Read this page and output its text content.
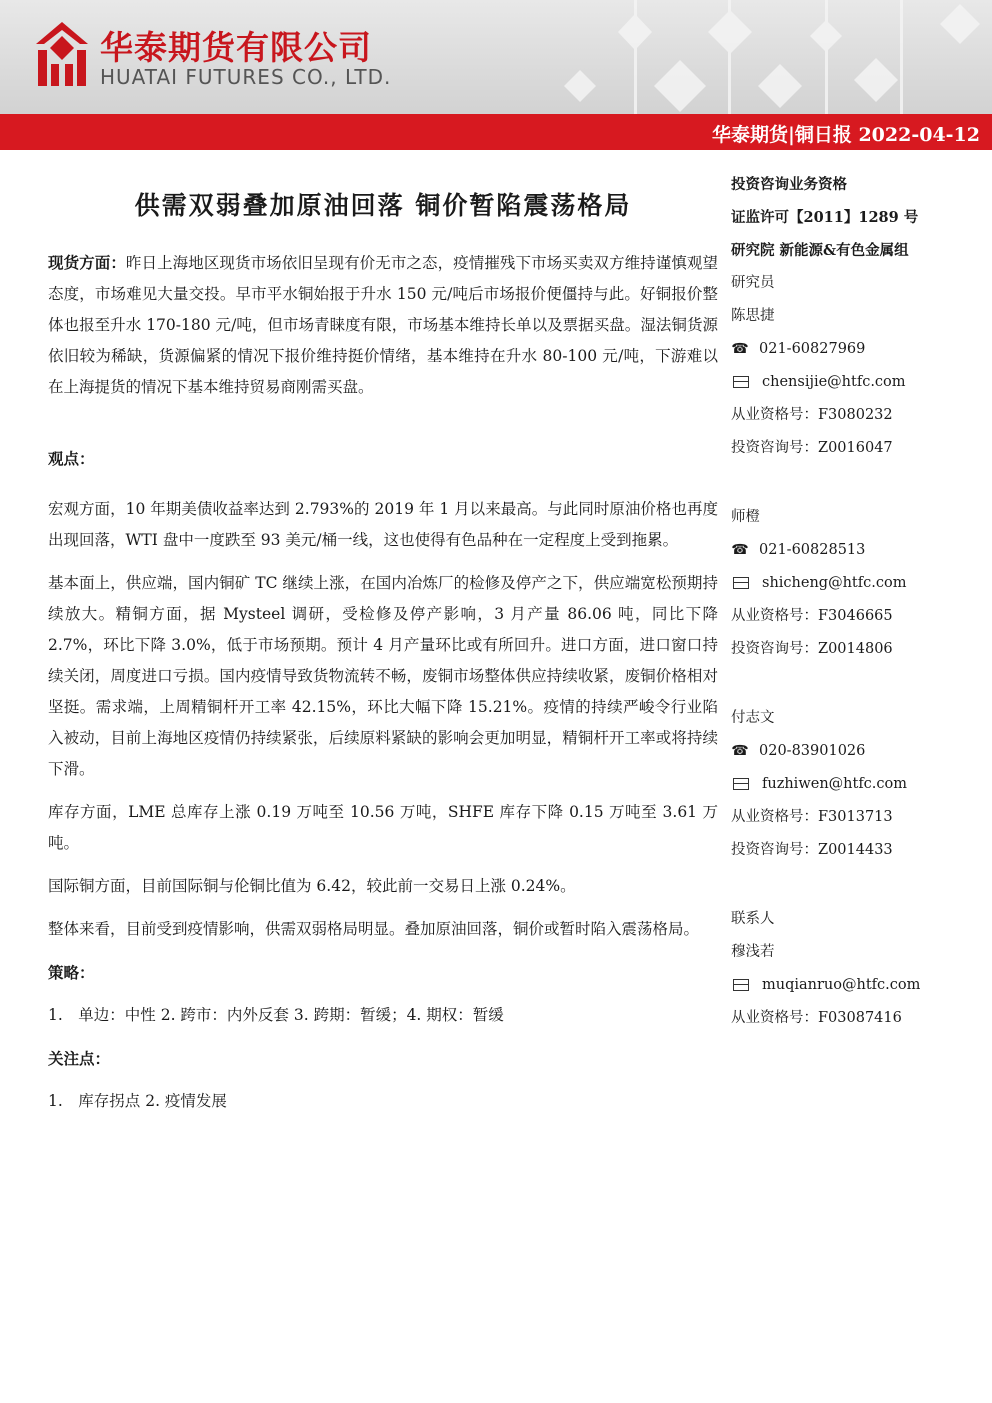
华泰期货有限公司
HUATAI FUTURES CO., LTD.
华泰期货|铜日报 2022-04-12
供需双弱叠加原油回落 铜价暂陷震荡格局

现货方面：昨日上海地区现货市场依旧呈现有价无市之态，疫情摧残下市场买卖双方维持谨慎观望态度，市场难见大量交投。早市平水铜始报于升水 150 元/吨后市场报价便僵持与此。好铜报价整体也报至升水 170-180 元/吨，但市场青睐度有限，市场基本维持长单以及票据买盘。湿法铜货源依旧较为稀缺，货源偏紧的情况下报价维持挺价情绪，基本维持在升水 80-100 元/吨，下游难以在上海提货的情况下基本维持贸易商刚需买盘。

观点：

宏观方面，10 年期美债收益率达到 2.793%的 2019 年 1 月以来最高。与此同时原油价格也再度出现回落，WTI 盘中一度跌至 93 美元/桶一线，这也使得有色品种在一定程度上受到拖累。

基本面上，供应端，国内铜矿 TC 继续上涨，在国内冶炼厂的检修及停产之下，供应端宽松预期持续放大。精铜方面，据 Mysteel 调研，受检修及停产影响，3 月产量 86.06 吨，同比下降 2.7%，环比下降 3.0%，低于市场预期。预计 4 月产量环比或有所回升。进口方面，进口窗口持续关闭，周度进口亏损。国内疫情导致货物流转不畅，废铜市场整体供应持续收紧，废铜价格相对坚挺。需求端，上周精铜杆开工率 42.15%，环比大幅下降 15.21%。疫情的持续严峻令行业陷入被动，目前上海地区疫情仍持续紧张，后续原料紧缺的影响会更加明显，精铜杆开工率或将持续下滑。

库存方面，LME 总库存上涨 0.19 万吨至 10.56 万吨，SHFE 库存下降 0.15 万吨至 3.61 万吨。

国际铜方面，目前国际铜与伦铜比值为 6.42，较此前一交易日上涨 0.24%。

整体来看，目前受到疫情影响，供需双弱格局明显。叠加原油回落，铜价或暂时陷入震荡格局。

策略：

1.　单边：中性 2. 跨市：内外反套 3. 跨期：暂缓；4. 期权：暂缓

关注点：

1.　库存拐点 2. 疫情发展

投资咨询业务资格
证监许可【2011】1289 号
研究院 新能源&有色金属组
研究员
陈思捷
☎ 021-60827969
chensijie@htfc.com
从业资格号：F3080232
投资咨询号：Z0016047
师橙
☎ 021-60828513
shicheng@htfc.com
从业资格号：F3046665
投资咨询号：Z0014806
付志文
☎ 020-83901026
fuzhiwen@htfc.com
从业资格号：F3013713
投资咨询号：Z0014433
联系人
穆浅若
muqianruo@htfc.com
从业资格号：F03087416
